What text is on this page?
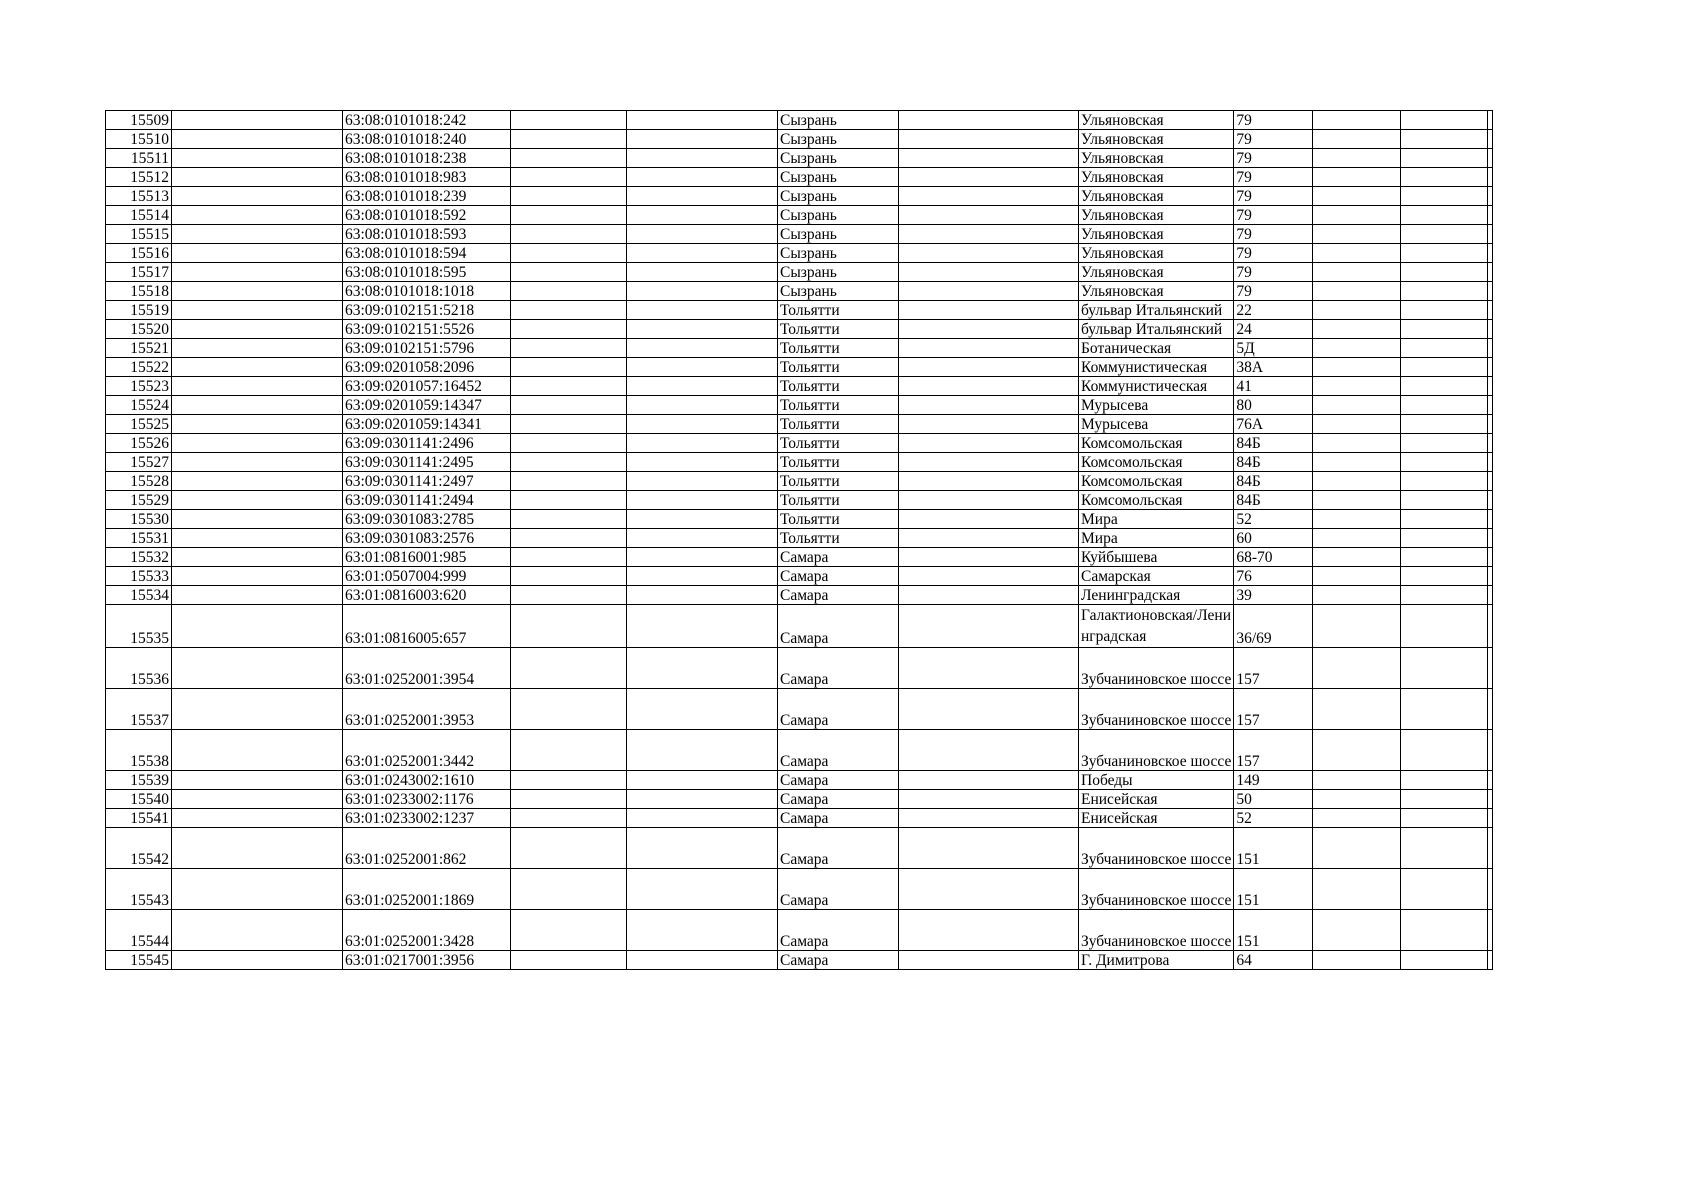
15509		63:08:0101018:242			Сызрань		Ульяновская	79			
15510		63:08:0101018:240			Сызрань		Ульяновская	79			
15511		63:08:0101018:238			Сызрань		Ульяновская	79			
15512		63:08:0101018:983			Сызрань		Ульяновская	79			
15513		63:08:0101018:239			Сызрань		Ульяновская	79			
15514		63:08:0101018:592			Сызрань		Ульяновская	79			
15515		63:08:0101018:593			Сызрань		Ульяновская	79			
15516		63:08:0101018:594			Сызрань		Ульяновская	79			
15517		63:08:0101018:595			Сызрань		Ульяновская	79			
15518		63:08:0101018:1018			Сызрань		Ульяновская	79			
15519		63:09:0102151:5218			Тольятти		бульвар Итальянский	22			
15520		63:09:0102151:5526			Тольятти		бульвар Итальянский	24			
15521		63:09:0102151:5796			Тольятти		Ботаническая	5Д			
15522		63:09:0201058:2096			Тольятти		Коммунистическая	38А			
15523		63:09:0201057:16452			Тольятти		Коммунистическая	41			
15524		63:09:0201059:14347			Тольятти		Мурысева	80			
15525		63:09:0201059:14341			Тольятти		Мурысева	76А			
15526		63:09:0301141:2496			Тольятти		Комсомольская	84Б			
15527		63:09:0301141:2495			Тольятти		Комсомольская	84Б			
15528		63:09:0301141:2497			Тольятти		Комсомольская	84Б			
15529		63:09:0301141:2494			Тольятти		Комсомольская	84Б			
15530		63:09:0301083:2785			Тольятти		Мира	52			
15531		63:09:0301083:2576			Тольятти		Мира	60			
15532		63:01:0816001:985			Самара		Куйбышева	68-70			
15533		63:01:0507004:999			Самара		Самарская	76			
15534		63:01:0816003:620			Самара		Ленинградская	39			
15535		63:01:0816005:657			Самара		Галактионовская/Ленинградская	36/69			
15536		63:01:0252001:3954			Самара		Зубчаниновское шоссе	157			
15537		63:01:0252001:3953			Самара		Зубчаниновское шоссе	157			
15538		63:01:0252001:3442			Самара		Зубчаниновское шоссе	157			
15539		63:01:0243002:1610			Самара		Победы	149			
15540		63:01:0233002:1176			Самара		Енисейская	50			
15541		63:01:0233002:1237			Самара		Енисейская	52			
15542		63:01:0252001:862			Самара		Зубчаниновское шоссе	151			
15543		63:01:0252001:1869			Самара		Зубчаниновское шоссе	151			
15544		63:01:0252001:3428			Самара		Зубчаниновское шоссе	151			
15545		63:01:0217001:3956			Самара		Г. Димитрова	64			
